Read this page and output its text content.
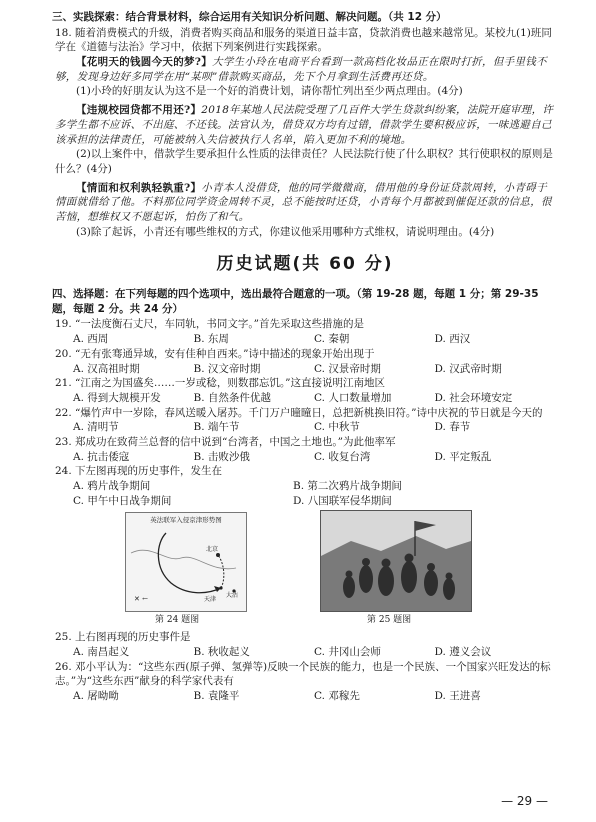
三、实践探索：结合背景材料，综合运用有关知识分析问题、解决问题。（共 12 分）

18. 随着消费模式的升级，消费者购买商品和服务的渠道日益丰富，贷款消费也越来越常见。某校九(1)班同学在《道德与法治》学习中，依据下列案例进行实践探索。

【花明天的钱圆今天的梦?】大学生小玲在电商平台看到一款高档化妆品正在限时打折，但手里钱不够，发现身边好多同学在用“某呗”借款购买商品，先下个月拿到生活费再还贷。

(1)小玲的好朋友认为这不是一个好的消费计划，请你帮忙列出至少两点理由。(4分)

【违规校园贷都不用还?】2018年某地人民法院受理了几百件大学生贷款纠纷案，法院开庭审理，许多学生都不应诉、不出庭、不还钱。法官认为，借贷双方均有过错，借款学生要积极应诉，一味逃避自己该承担的法律责任，可能被纳入失信被执行人名单，陷入更加不利的境地。

(2)以上案件中，借款学生要承担什么性质的法律责任？人民法院行使了什么职权？其行使职权的原则是什么？(4分)

【情面和权利孰轻孰重?】小青本人没借贷，他的同学微微商，借用他的身份证贷款周转，小青碍于情面就借给了他。不料那位同学资金周转不灵，总不能按时还贷，小青每个月都被到催促还款的信息，很苦恼，想维权又不愿起诉，怕伤了和气。

(3)除了起诉，小青还有哪些维权的方式，你建议他采用哪种方式维权，请说明理由。(4分)

历史试题(共 60 分)

四、选择题：在下列每题的四个选项中，选出最符合题意的一项。（第 19-28 题，每题 1 分；第 29-35 题，每题 2 分。共 24 分）

19. “一法度衡石丈尺，车同轨，书同文字。”首先采取这些措施的是

A. 西周	B. 东周	C. 秦朝	D. 西汉

20. “无有张骞通异域，安有佳种自西来。”诗中描述的现象开始出现于

A. 汉高祖时期	B. 汉文帝时期	C. 汉景帝时期	D. 汉武帝时期

21. “江南之为国盛矣……一岁或稔，则数郡忘饥。”这直接说明江南地区

A. 得到大规模开发	B. 自然条件优越	C. 人口数量增加	D. 社会环境安定

22. “爆竹声中一岁除，春风送暖入屠苏。千门万户曈曈日，总把新桃换旧符。”诗中庆祝的节日就是今天的

A. 清明节	B. 端午节	C. 中秋节	D. 春节

23. 郑成功在致荷兰总督的信中说到“台湾者，中国之土地也。”为此他率军

A. 抗击倭寇	B. 击败沙俄	C. 收复台湾	D. 平定叛乱

24. 下左图再现的历史事件，发生在

A. 鸦片战争期间	B. 第二次鸦片战争期间
C. 甲午中日战争期间	D. 八国联军侵华期间
英法联军入侵京津形势图
大沽
天津
北京
✕ ←
第 24 题图	第 25 题图

25. 上右图再现的历史事件是

A. 南昌起义	B. 秋收起义	C. 井冈山会师	D. 遵义会议

26. 邓小平认为：“这些东西(原子弹、氢弹等)反映一个民族的能力，也是一个民族、一个国家兴旺发达的标志。”为“这些东西”献身的科学家代表有

A. 屠呦呦	B. 袁隆平	C. 邓稼先	D. 王进喜
— 29 —
